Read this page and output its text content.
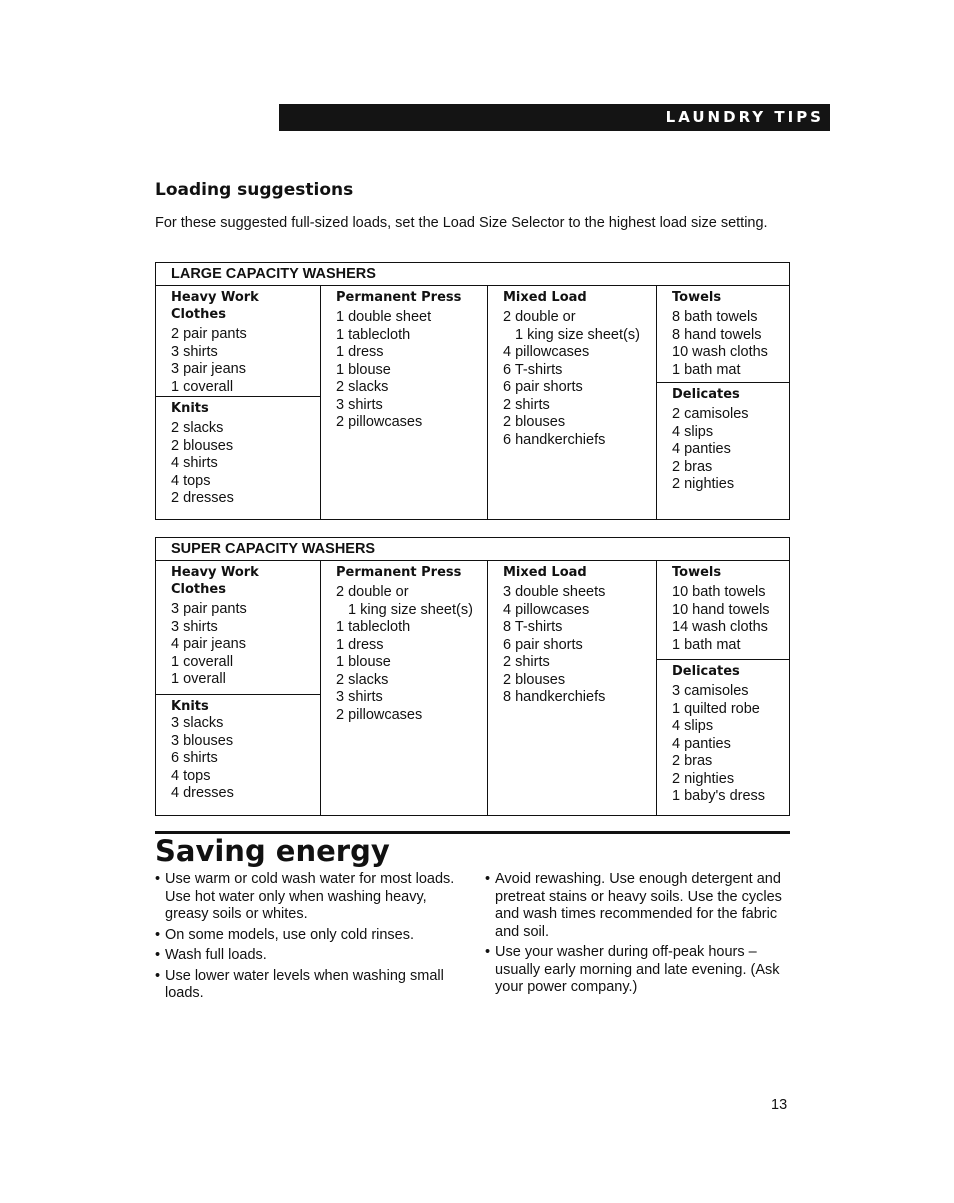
LAUNDRY TIPS
Loading suggestions
For these suggested full-sized loads, set the Load Size Selector to the highest load size setting.
LARGE CAPACITY WASHERS
Heavy Work
Clothes
2 pair pants
3 shirts
3 pair jeans
1 coverall
Knits
2 slacks
2 blouses
4 shirts
4 tops
2 dresses
Permanent Press
1 double sheet
1 tablecloth
1 dress
1 blouse
2 slacks
3 shirts
2 pillowcases
Mixed Load
2 double or
1 king size sheet(s)
4 pillowcases
6 T-shirts
6 pair shorts
2 shirts
2 blouses
6 handkerchiefs
Towels
8 bath towels
8 hand towels
10 wash cloths
1 bath mat
Delicates
2 camisoles
4 slips
4 panties
2 bras
2 nighties
SUPER CAPACITY WASHERS
Heavy Work
Clothes
3 pair pants
3 shirts
4 pair jeans
1 coverall
1 overall
Knits
3 slacks
3 blouses
6 shirts
4 tops
4 dresses
Permanent Press
2 double or
1 king size sheet(s)
1 tablecloth
1 dress
1 blouse
2 slacks
3 shirts
2 pillowcases
Mixed Load
3 double sheets
4 pillowcases
8 T-shirts
6 pair shorts
2 shirts
2 blouses
8 handkerchiefs
Towels
10 bath towels
10 hand towels
14 wash cloths
1 bath mat
Delicates
3 camisoles
1 quilted robe
4 slips
4 panties
2 bras
2 nighties
1 baby's dress
Saving energy
• Use warm or cold wash water for most loads. Use hot water only when washing heavy, greasy soils or whites.
• On some models, use only cold rinses.
• Wash full loads.
• Use lower water levels when washing small loads.
• Avoid rewashing. Use enough detergent and pretreat stains or heavy soils. Use the cycles and wash times recommended for the fabric and soil.
• Use your washer during off-peak hours – usually early morning and late evening. (Ask your power company.)
13
